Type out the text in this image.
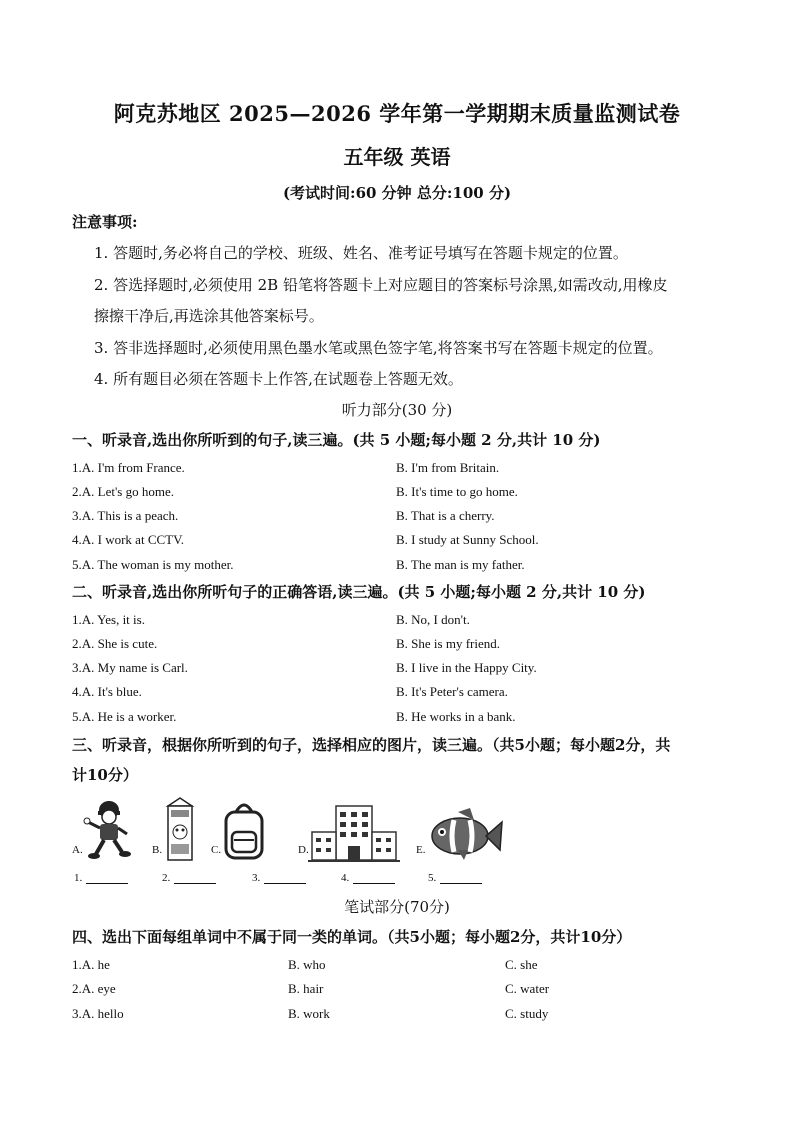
阿克苏地区 2025—2026 学年第一学期期末质量监测试卷
五年级 英语
(考试时间:60 分钟 总分:100 分)
注意事项:
1. 答题时,务必将自己的学校、班级、姓名、准考证号填写在答题卡规定的位置。
2. 答选择题时,必须使用 2B 铅笔将答题卡上对应题目的答案标号涂黑,如需改动,用橡皮
擦擦干净后,再选涂其他答案标号。
3. 答非选择题时,必须使用黑色墨水笔或黑色签字笔,将答案书写在答题卡规定的位置。
4. 所有题目必须在答题卡上作答,在试题卷上答题无效。
听力部分(30 分)
一、听录音,选出你所听到的句子,读三遍。(共 5 小题;每小题 2 分,共计 10 分)
1.A. I'm from France.	B. I'm from Britain.
2.A. Let's go home.	B. It's time to go home.
3.A. This is a peach.	B. That is a cherry.
4.A. I work at CCTV.	B. I study at Sunny School.
5.A. The woman is my mother.	B. The man is my father.
二、听录音,选出你所听句子的正确答语,读三遍。(共 5 小题;每小题 2 分,共计 10 分)
1.A. Yes, it is.	B. No, I don't.
2.A. She is cute.	B. She is my friend.
3.A. My name is Carl.	B. I live in the Happy City.
4.A. It's blue.	B. It's Peter's camera.
5.A. He is a worker.	B. He works in a bank.
三、听录音，根据你所听到的句子，选择相应的图片，读三遍。（共5小题；每小题2分，共
计10分）
A.	B.	C.	D.	E.
1.	2.	3.	4.	5.
笔试部分(70分)
四、选出下面每组单词中不属于同一类的单词。（共5小题；每小题2分，共计10分）
1.A. he	B. who	C. she
2.A. eye	B. hair	C. water
3.A. hello	B. work	C. study
